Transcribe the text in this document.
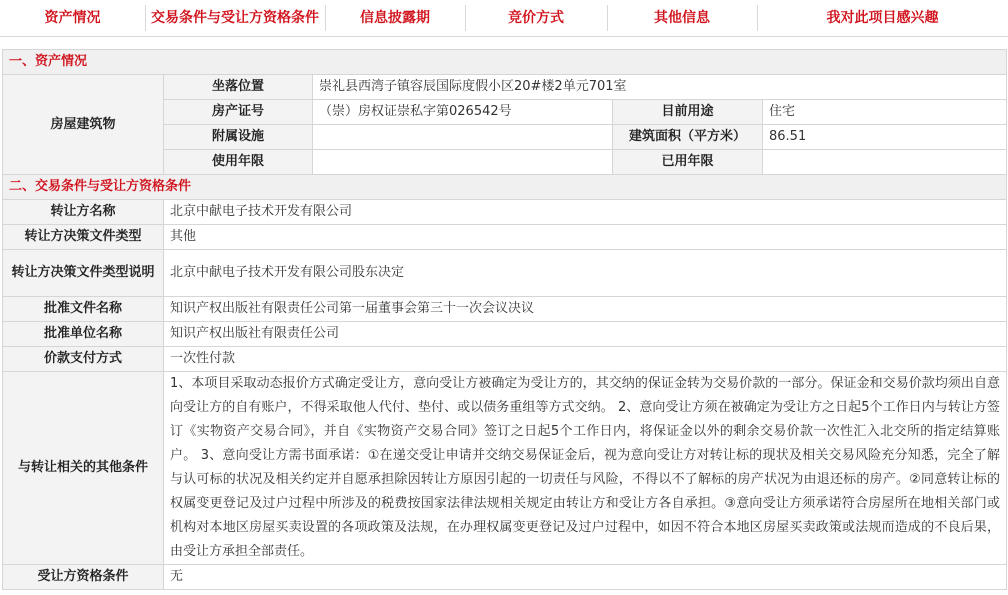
资产情况	交易条件与受让方资格条件	信息披露期	竞价方式	其他信息	我对此项目感兴趣
一、资产情况				
房屋建筑物	坐落位置	崇礼县西湾子镇容辰国际度假小区20#楼2单元701室		
	房产证号	（崇）房权证崇私字第026542号	目前用途	住宅
	附属设施		建筑面积（平方米）	86.51
	使用年限		已用年限	
二、交易条件与受让方资格条件				
转让方名称	北京中献电子技术开发有限公司			
转让方决策文件类型	其他			
转让方决策文件类型说明	北京中献电子技术开发有限公司股东决定			
批准文件名称	知识产权出版社有限责任公司第一届董事会第三十一次会议决议			
批准单位名称	知识产权出版社有限责任公司			
价款支付方式	一次性付款			
与转让相关的其他条件	1、本项目采取动态报价方式确定受让方，意向受让方被确定为受让方的，其交纳的保证金转为交易价款的一部分。保证金和交易价款均须出自意向受让方的自有账户，不得采取他人代付、垫付、或以债务重组等方式交纳。 2、意向受让方须在被确定为受让方之日起5个工作日内与转让方签订《实物资产交易合同》，并自《实物资产交易合同》签订之日起5个工作日内，将保证金以外的剩余交易价款一次性汇入北交所的指定结算账户。 3、意向受让方需书面承诺：①在递交受让申请并交纳交易保证金后，视为意向受让方对转让标的现状及相关交易风险充分知悉，完全了解与认可标的状况及相关约定并自愿承担除因转让方原因引起的一切责任与风险，不得以不了解标的房产状况为由退还标的房产。②同意转让标的权属变更登记及过户过程中所涉及的税费按国家法律法规相关规定由转让方和受让方各自承担。③意向受让方须承诺符合房屋所在地相关部门或机构对本地区房屋买卖设置的各项政策及法规，在办理权属变更登记及过户过程中，如因不符合本地区房屋买卖政策或法规而造成的不良后果，由受让方承担全部责任。			
受让方资格条件	无			
